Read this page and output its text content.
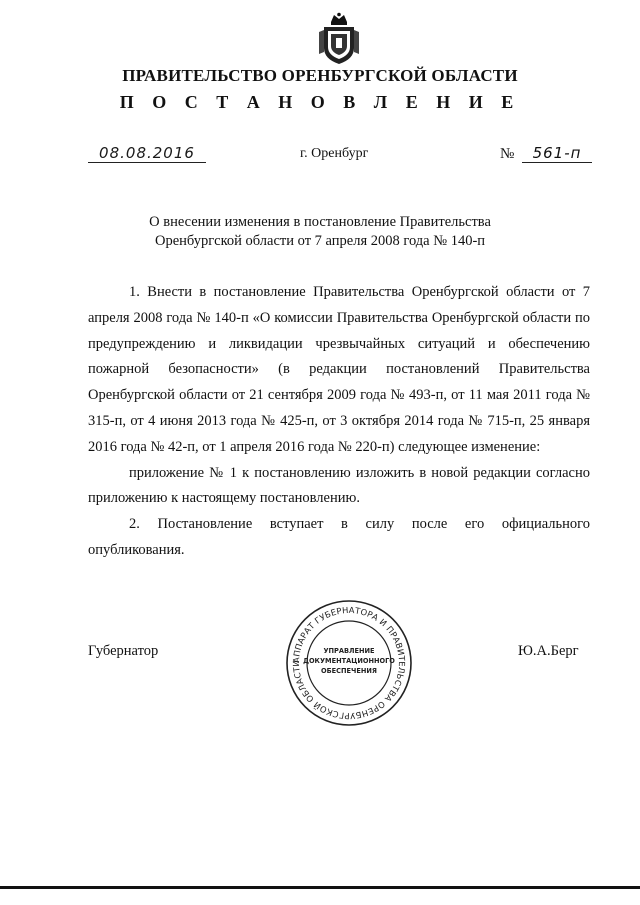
ПРАВИТЕЛЬСТВО ОРЕНБУРГСКОЙ ОБЛАСТИ
П О С Т А Н О В Л Е Н И Е
08.08.2016	г. Оренбург	№	561-п
О внесении изменения в постановление Правительства
Оренбургской области от 7 апреля 2008 года № 140-п

1. Внести в постановление Правительства Оренбургской области от 7 апреля 2008 года № 140-п «О комиссии Правительства Оренбургской области по предупреждению и ликвидации чрезвычайных ситуаций и обеспечению пожарной безопасности» (в редакции постановлений Правительства Оренбургской области от 21 сентября 2009 года № 493-п, от 11 мая 2011 года № 315-п, от 4 июня 2013 года № 425-п, от 3 октября 2014 года № 715-п, 25 января 2016 года № 42-п, от 1 апреля 2016 года № 220-п) следующее изменение:

приложение № 1 к постановлению изложить в новой редакции согласно приложению к настоящему постановлению.

2. Постановление вступает в силу после его официального опубликования.

Губернатор	Ю.А.Берг
АППАРАТ ГУБЕРНАТОРА И ПРАВИТЕЛЬСТВА ОРЕНБУРГСКОЙ ОБЛАСТИ
УПРАВЛЕНИЕ
ДОКУМЕНТАЦИОННОГО
ОБЕСПЕЧЕНИЯ
